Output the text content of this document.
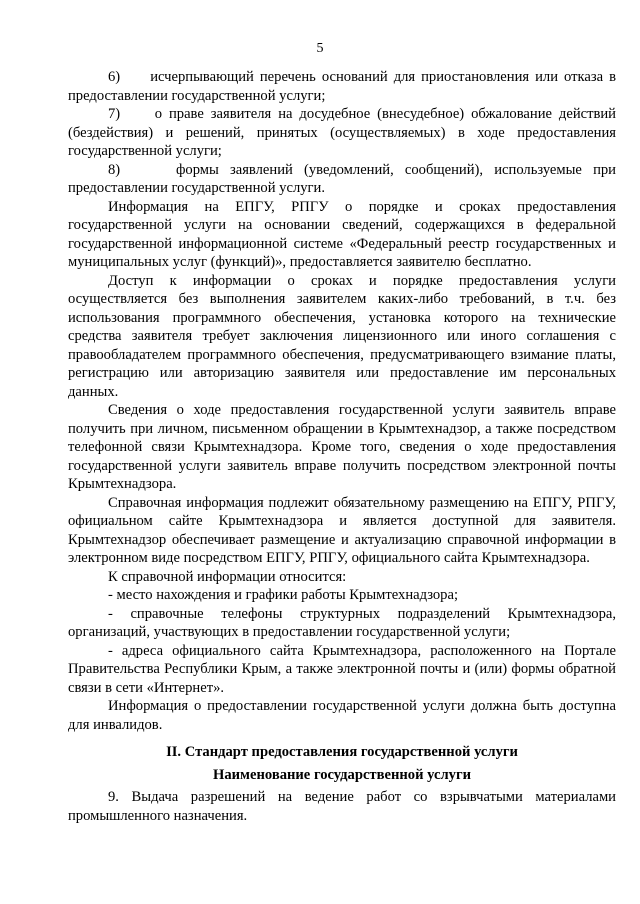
5

6)     исчерпывающий перечень оснований для приостановления или отказа в предоставлении государственной услуги;

7)     о праве заявителя на досудебное (внесудебное) обжалование действий (бездействия) и решений, принятых (осуществляемых) в ходе предоставления государственной услуги;

8)     формы заявлений (уведомлений, сообщений), используемые при предоставлении государственной услуги.

Информация на ЕПГУ, РПГУ о порядке и сроках предоставления государственной услуги на основании сведений, содержащихся в федеральной государственной информационной системе «Федеральный реестр государственных и муниципальных услуг (функций)», предоставляется заявителю бесплатно.

Доступ к информации о сроках и порядке предоставления услуги осуществляется без выполнения заявителем каких-либо требований, в т.ч. без использования программного обеспечения, установка которого на технические средства заявителя требует заключения лицензионного или иного соглашения с правообладателем программного обеспечения, предусматривающего взимание платы, регистрацию или авторизацию заявителя или предоставление им персональных данных.

Сведения о ходе предоставления государственной услуги заявитель вправе получить при личном, письменном обращении в Крымтехнадзор, а также посредством телефонной связи Крымтехнадзора. Кроме того, сведения о ходе предоставления государственной услуги заявитель вправе получить посредством электронной почты Крымтехнадзора.

Справочная информация подлежит обязательному размещению на ЕПГУ, РПГУ, официальном сайте Крымтехнадзора и является доступной для заявителя. Крымтехнадзор обеспечивает размещение и актуализацию справочной информации в электронном виде посредством ЕПГУ, РПГУ, официального сайта Крымтехнадзора.

К справочной информации относится:

- место нахождения и графики работы Крымтехнадзора;

- справочные телефоны структурных подразделений Крымтехнадзора, организаций, участвующих в предоставлении государственной услуги;

- адреса официального сайта Крымтехнадзора, расположенного на Портале Правительства Республики Крым, а также электронной почты и (или) формы обратной связи в сети «Интернет».

Информация о предоставлении государственной услуги должна быть доступна для инвалидов.

II. Стандарт предоставления государственной услуги

Наименование государственной услуги

9. Выдача разрешений на ведение работ со взрывчатыми материалами промышленного назначения.
